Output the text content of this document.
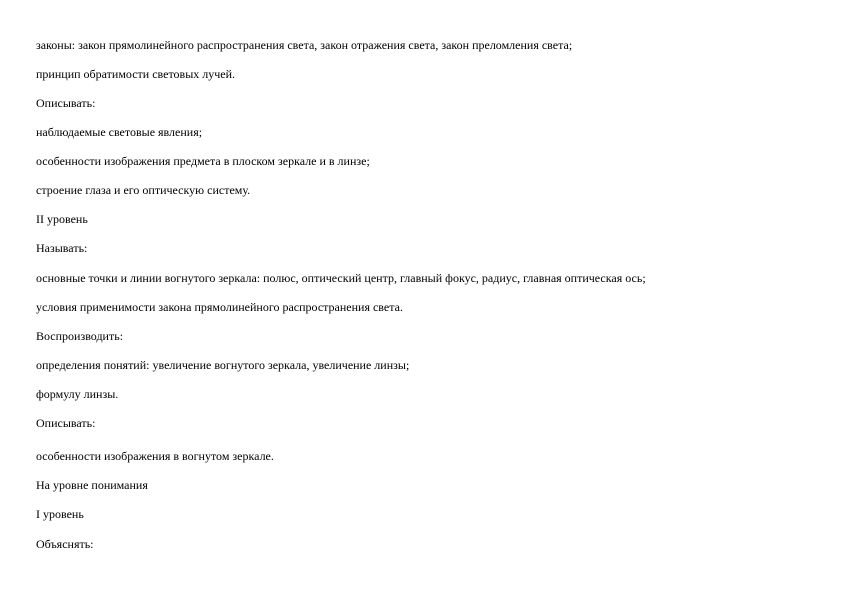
законы: закон прямолинейного распространения света, закон отражения света, закон преломления света;

принцип обратимости световых лучей.

Описывать:

наблюдаемые световые явления;

особенности изображения предмета в плоском зеркале и в линзе;

строение глаза и его оптическую систему.

II уровень

Называть:

основные точки и линии вогнутого зеркала: полюс, оптический центр, главный фокус, радиус, главная оптическая ось;

условия применимости закона прямолинейного распространения света.

Воспроизводить:

определения понятий: увеличение вогнутого зеркала, увеличение линзы;

формулу линзы.

Описывать:

особенности изображения в вогнутом зеркале.

На уровне понимания

I уровень

Объяснять:
